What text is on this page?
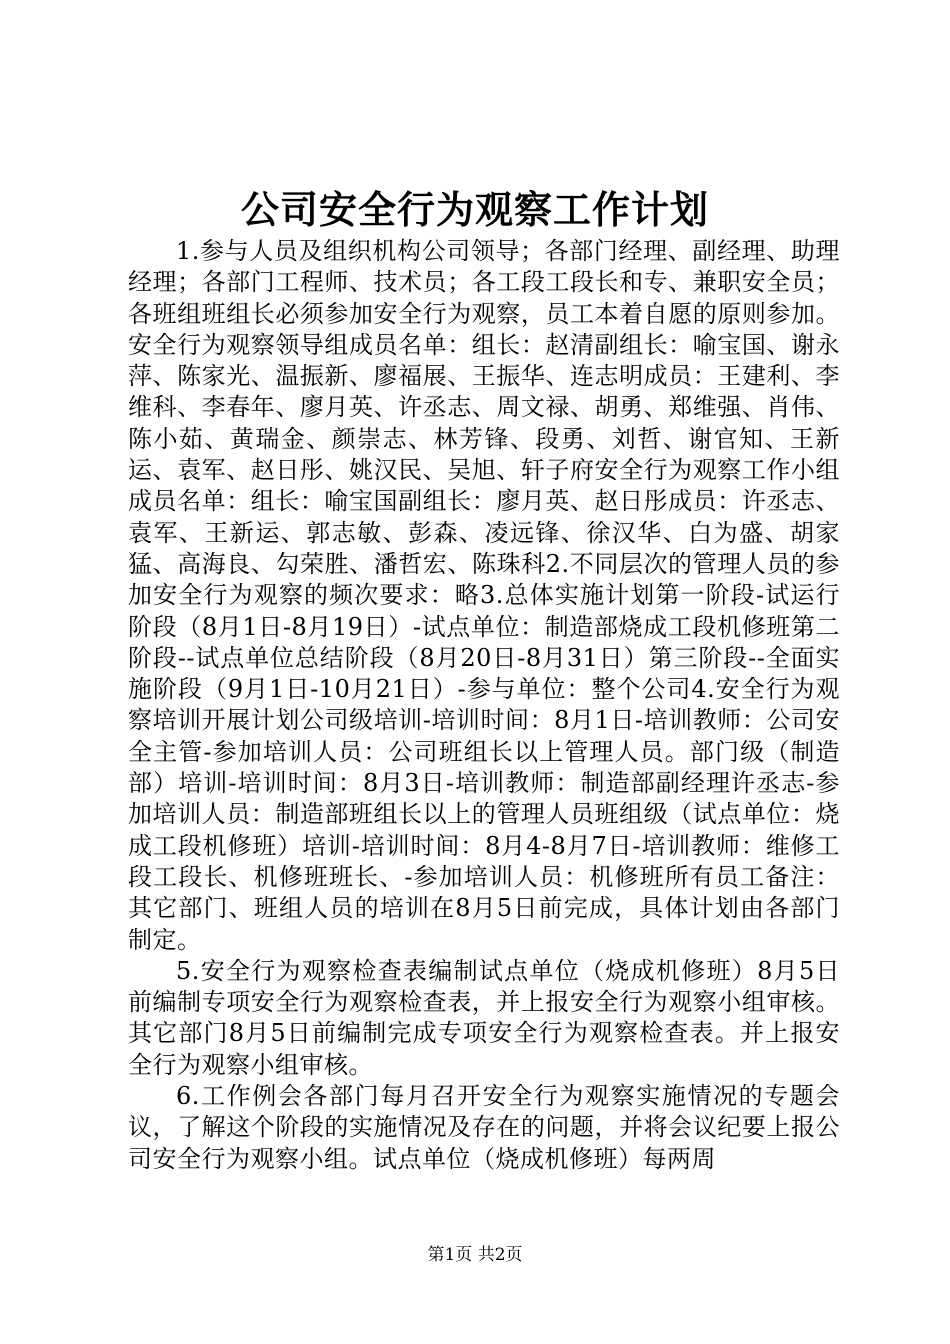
公司安全行为观察工作计划

1.参与人员及组织机构公司领导；各部门经理、副经理、助理经理；各部门工程师、技术员；各工段工段长和专、兼职安全员；各班组班组长必须参加安全行为观察，员工本着自愿的原则参加。安全行为观察领导组成员名单：组长：赵清副组长：喻宝国、谢永萍、陈家光、温振新、廖福展、王振华、连志明成员：王建利、李维科、李春年、廖月英、许丞志、周文禄、胡勇、郑维强、肖伟、陈小茹、黄瑞金、颜崇志、林芳锋、段勇、刘哲、谢官知、王新运、袁军、赵日彤、姚汉民、吴旭、轩子府安全行为观察工作小组成员名单：组长：喻宝国副组长：廖月英、赵日彤成员：许丞志、袁军、王新运、郭志敏、彭森、凌远锋、徐汉华、白为盛、胡家猛、高海良、勾荣胜、潘哲宏、陈珠科2.不同层次的管理人员的参加安全行为观察的频次要求：略3.总体实施计划第一阶段-试运行阶段（8月1日-8月19日）-试点单位：制造部烧成工段机修班第二阶段--试点单位总结阶段（8月20日-8月31日）第三阶段--全面实施阶段（9月1日-10月21日）-参与单位：整个公司4.安全行为观察培训开展计划公司级培训-培训时间：8月1日-培训教师：公司安全主管-参加培训人员：公司班组长以上管理人员。部门级（制造部）培训-培训时间：8月3日-培训教师：制造部副经理许丞志-参加培训人员：制造部班组长以上的管理人员班组级（试点单位：烧成工段机修班）培训-培训时间：8月4-8月7日-培训教师：维修工段工段长、机修班班长、-参加培训人员：机修班所有员工备注：其它部门、班组人员的培训在8月5日前完成，具体计划由各部门制定。

5.安全行为观察检查表编制试点单位（烧成机修班）8月5日前编制专项安全行为观察检查表，并上报安全行为观察小组审核。其它部门8月5日前编制完成专项安全行为观察检查表。并上报安全行为观察小组审核。

6.工作例会各部门每月召开安全行为观察实施情况的专题会议，了解这个阶段的实施情况及存在的问题，并将会议纪要上报公司安全行为观察小组。试点单位（烧成机修班）每两周

第1页 共2页
